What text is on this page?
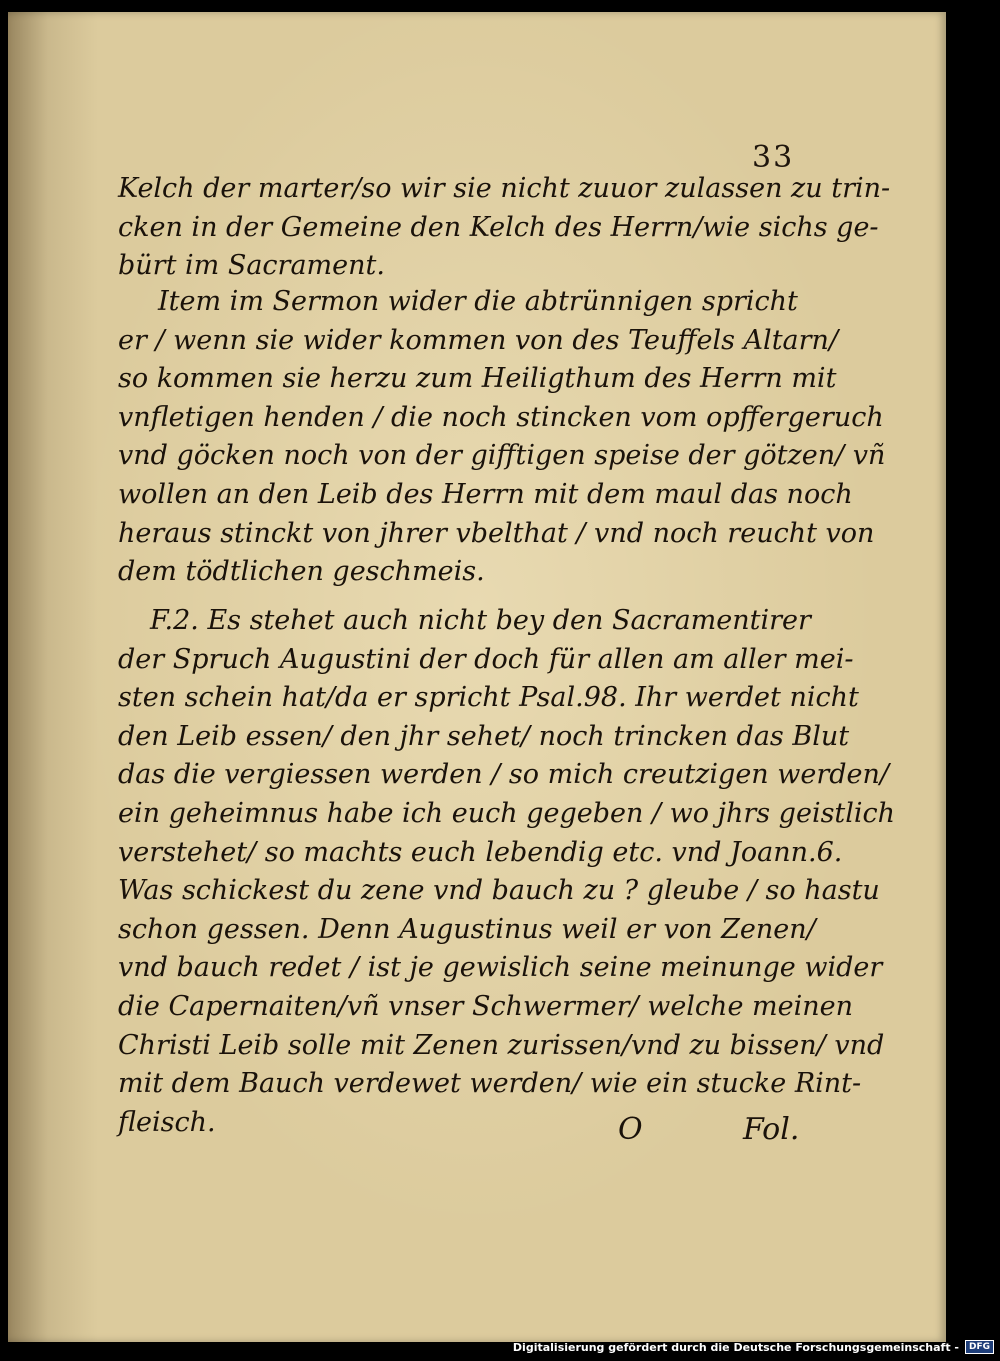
33
Kelch der marter/so wir sie nicht zuuor zulassen zu trin-
cken in der Gemeine den Kelch des Herrn/wie sichs ge-
bürt im Sacrament.
Item im Sermon wider die abtrünnigen spricht
er / wenn sie wider kommen von des Teuffels Altarn/
so kommen sie herzu zum Heiligthum des Herrn mit
vnfletigen henden / die noch stincken vom opffergeruch
vnd göcken noch von der gifftigen speise der götzen/ vñ
wollen an den Leib des Herrn mit dem maul das noch
heraus stinckt von jhrer vbelthat / vnd noch reucht von
dem tödtlichen geschmeis.
F.2. Es stehet auch nicht bey den Sacramentirer
der Spruch Augustini der doch für allen am aller mei-
sten schein hat/da er spricht Psal.98. Ihr werdet nicht
den Leib essen/ den jhr sehet/ noch trincken das Blut
das die vergiessen werden / so mich creutzigen werden/
ein geheimnus habe ich euch gegeben / wo jhrs geistlich
verstehet/ so machts euch lebendig etc. vnd Joann.6.
Was schickest du zene vnd bauch zu ? gleube / so hastu
schon gessen. Denn Augustinus weil er von Zenen/
vnd bauch redet / ist je gewislich seine meinunge wider
die Capernaiten/vñ vnser Schwermer/ welche meinen
Christi Leib solle mit Zenen zurissen/vnd zu bissen/ vnd
mit dem Bauch verdewet werden/ wie ein stucke Rint-
fleisch.	O	Fol.
Digitalisierung gefördert durch die Deutsche Forschungsgemeinschaft -	DFG
